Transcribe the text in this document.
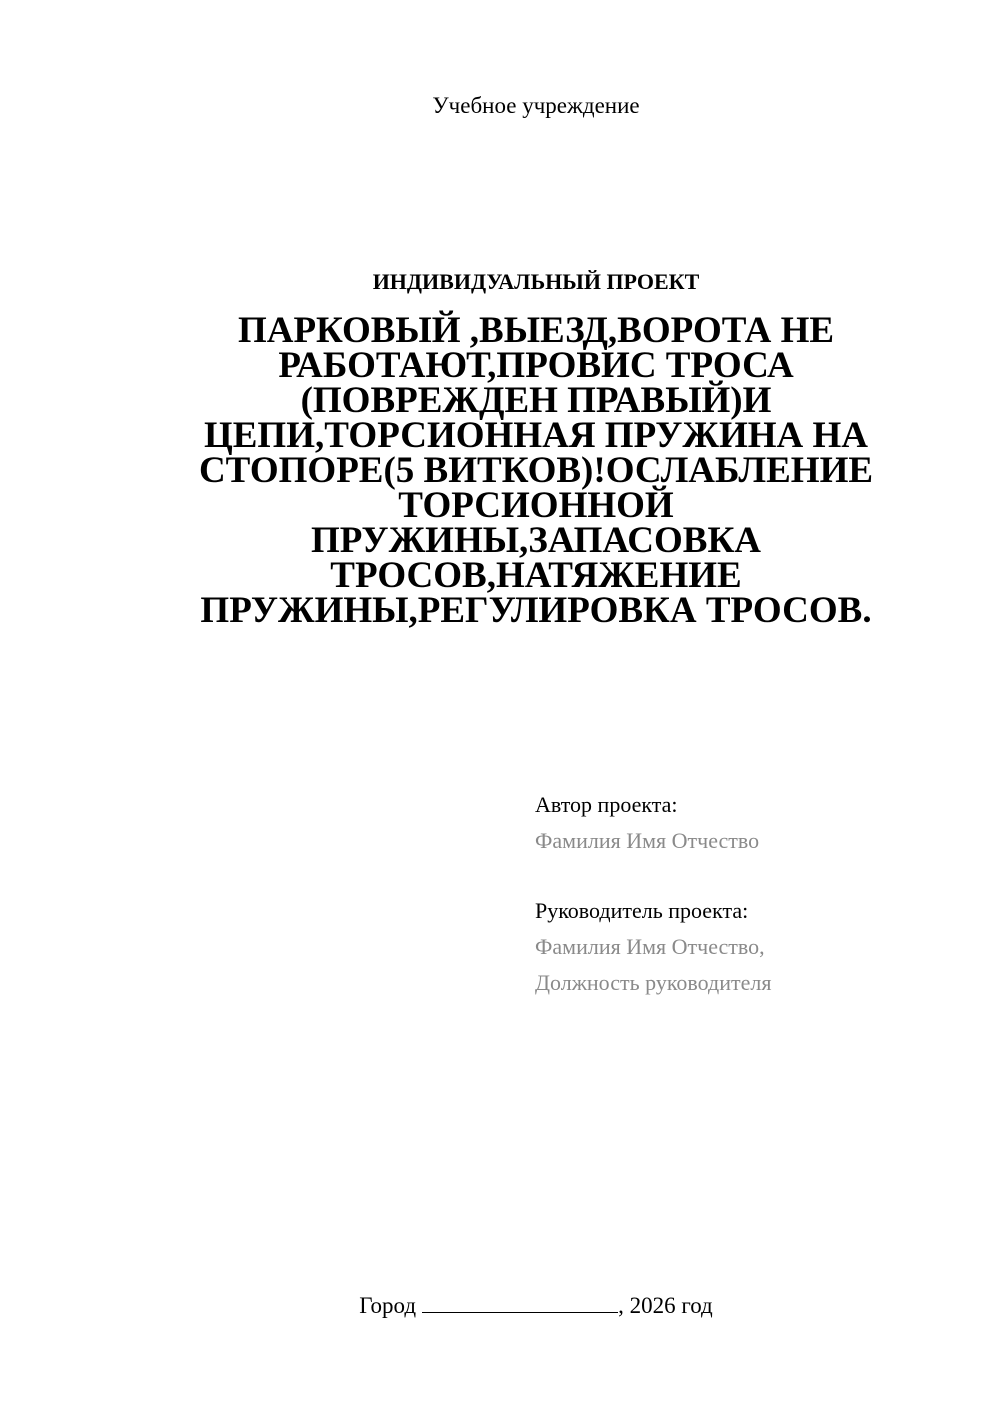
Учебное учреждение
ИНДИВИДУАЛЬНЫЙ ПРОЕКТ
ПАРКОВЫЙ ,ВЫЕЗД,ВОРОТА НЕ
РАБОТАЮТ,ПРОВИС ТРОСА
(ПОВРЕЖДЕН ПРАВЫЙ)И
ЦЕПИ,ТОРСИОННАЯ ПРУЖИНА НА
СТОПОРЕ(5 ВИТКОВ)!ОСЛАБЛЕНИЕ
ТОРСИОННОЙ
ПРУЖИНЫ,ЗАПАСОВКА
ТРОСОВ,НАТЯЖЕНИЕ
ПРУЖИНЫ,РЕГУЛИРОВКА ТРОСОВ.
Автор проекта:
Фамилия Имя Отчество
Руководитель проекта:
Фамилия Имя Отчество,
Должность руководителя
Город	, 2026 год
